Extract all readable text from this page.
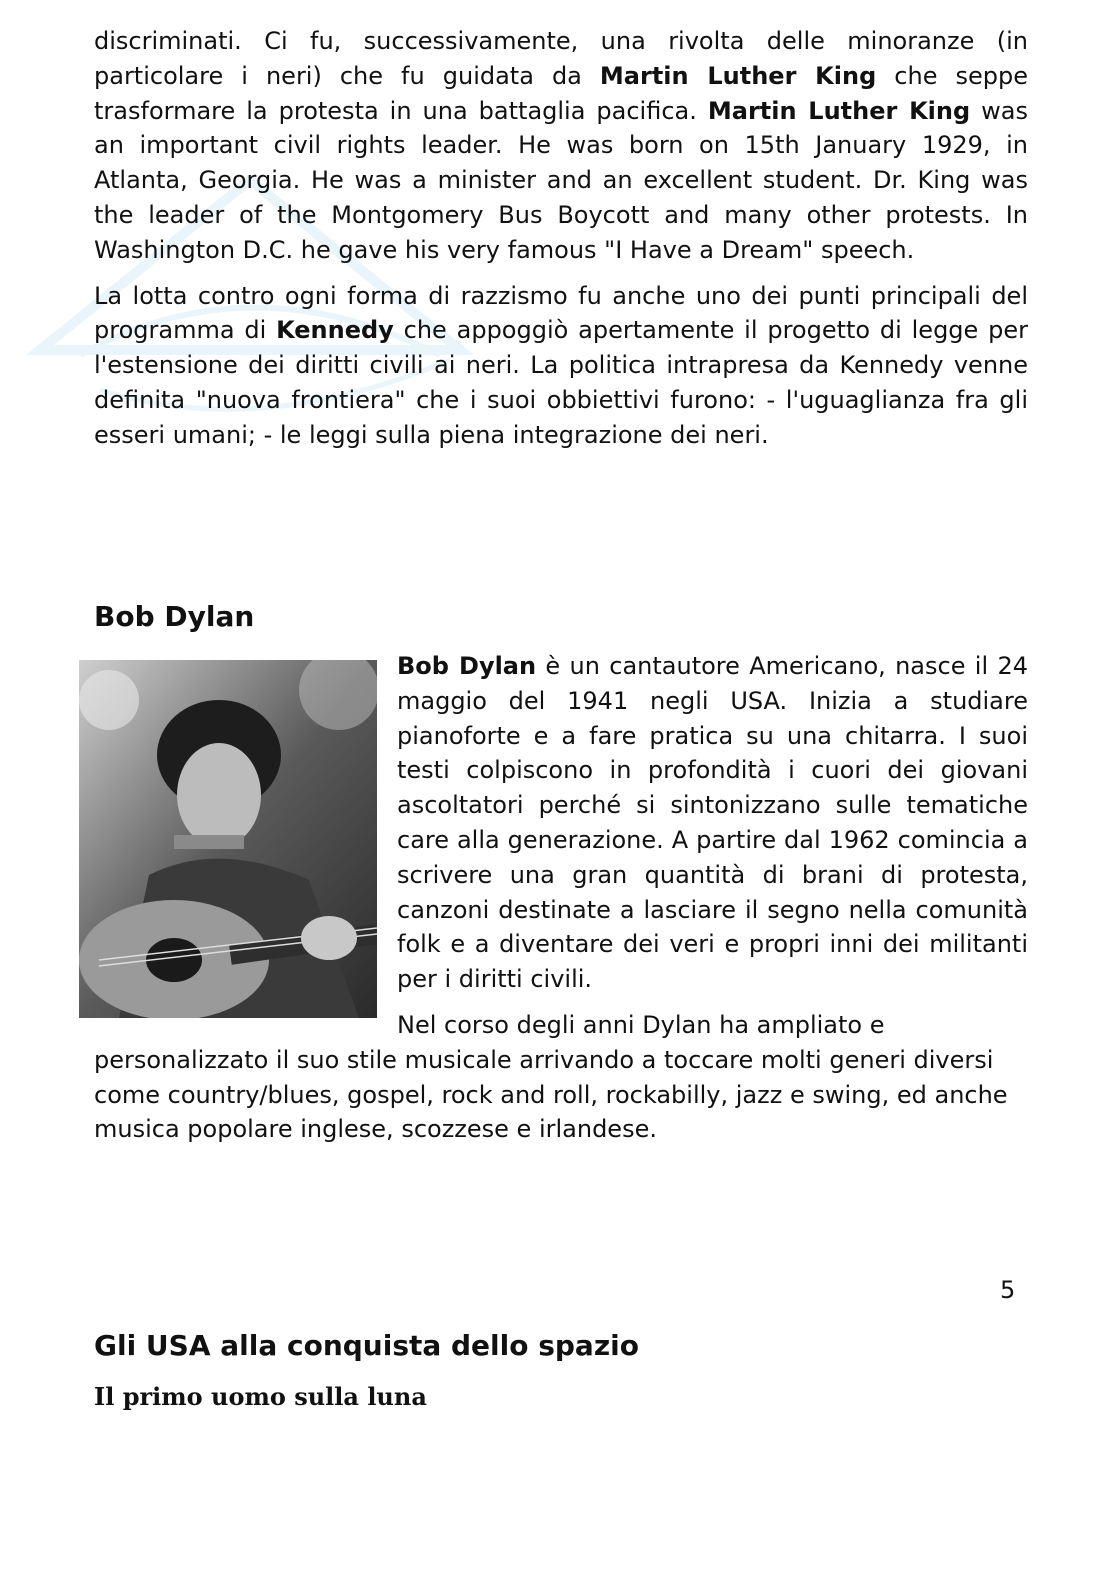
discriminati. Ci fu, successivamente, una rivolta delle minoranze (in particolare i neri) che fu guidata da Martin Luther King che seppe trasformare la protesta in una battaglia pacifica. Martin Luther King was an important civil rights leader. He was born on 15th January 1929, in Atlanta, Georgia. He was a minister and an excellent student. Dr. King was the leader of the Montgomery Bus Boycott and many other protests. In Washington D.C. he gave his very famous "I Have a Dream" speech.

La lotta contro ogni forma di razzismo fu anche uno dei punti principali del programma di Kennedy che appoggiò apertamente il progetto di legge per l'estensione dei diritti civili ai neri. La politica intrapresa da Kennedy venne definita "nuova frontiera" che i suoi obbiettivi furono: - l'uguaglianza fra gli esseri umani; - le leggi sulla piena integrazione dei neri.

Bob Dylan

Bob Dylan è un cantautore Americano, nasce il 24 maggio del 1941 negli USA. Inizia a studiare pianoforte e a fare pratica su una chitarra. I suoi testi colpiscono in profondità i cuori dei giovani ascoltatori perché si sintonizzano sulle tematiche care alla generazione. A partire dal 1962 comincia a scrivere una gran quantità di brani di protesta, canzoni destinate a lasciare il segno nella comunità folk e a diventare dei veri e propri inni dei militanti per i diritti civili.

Nel corso degli anni Dylan ha ampliato e personalizzato il suo stile musicale arrivando a toccare molti generi diversi come country/blues, gospel, rock and roll, rockabilly, jazz e swing, ed anche musica popolare inglese, scozzese e irlandese.

5
Gli USA alla conquista dello spazio
Il primo uomo sulla luna
